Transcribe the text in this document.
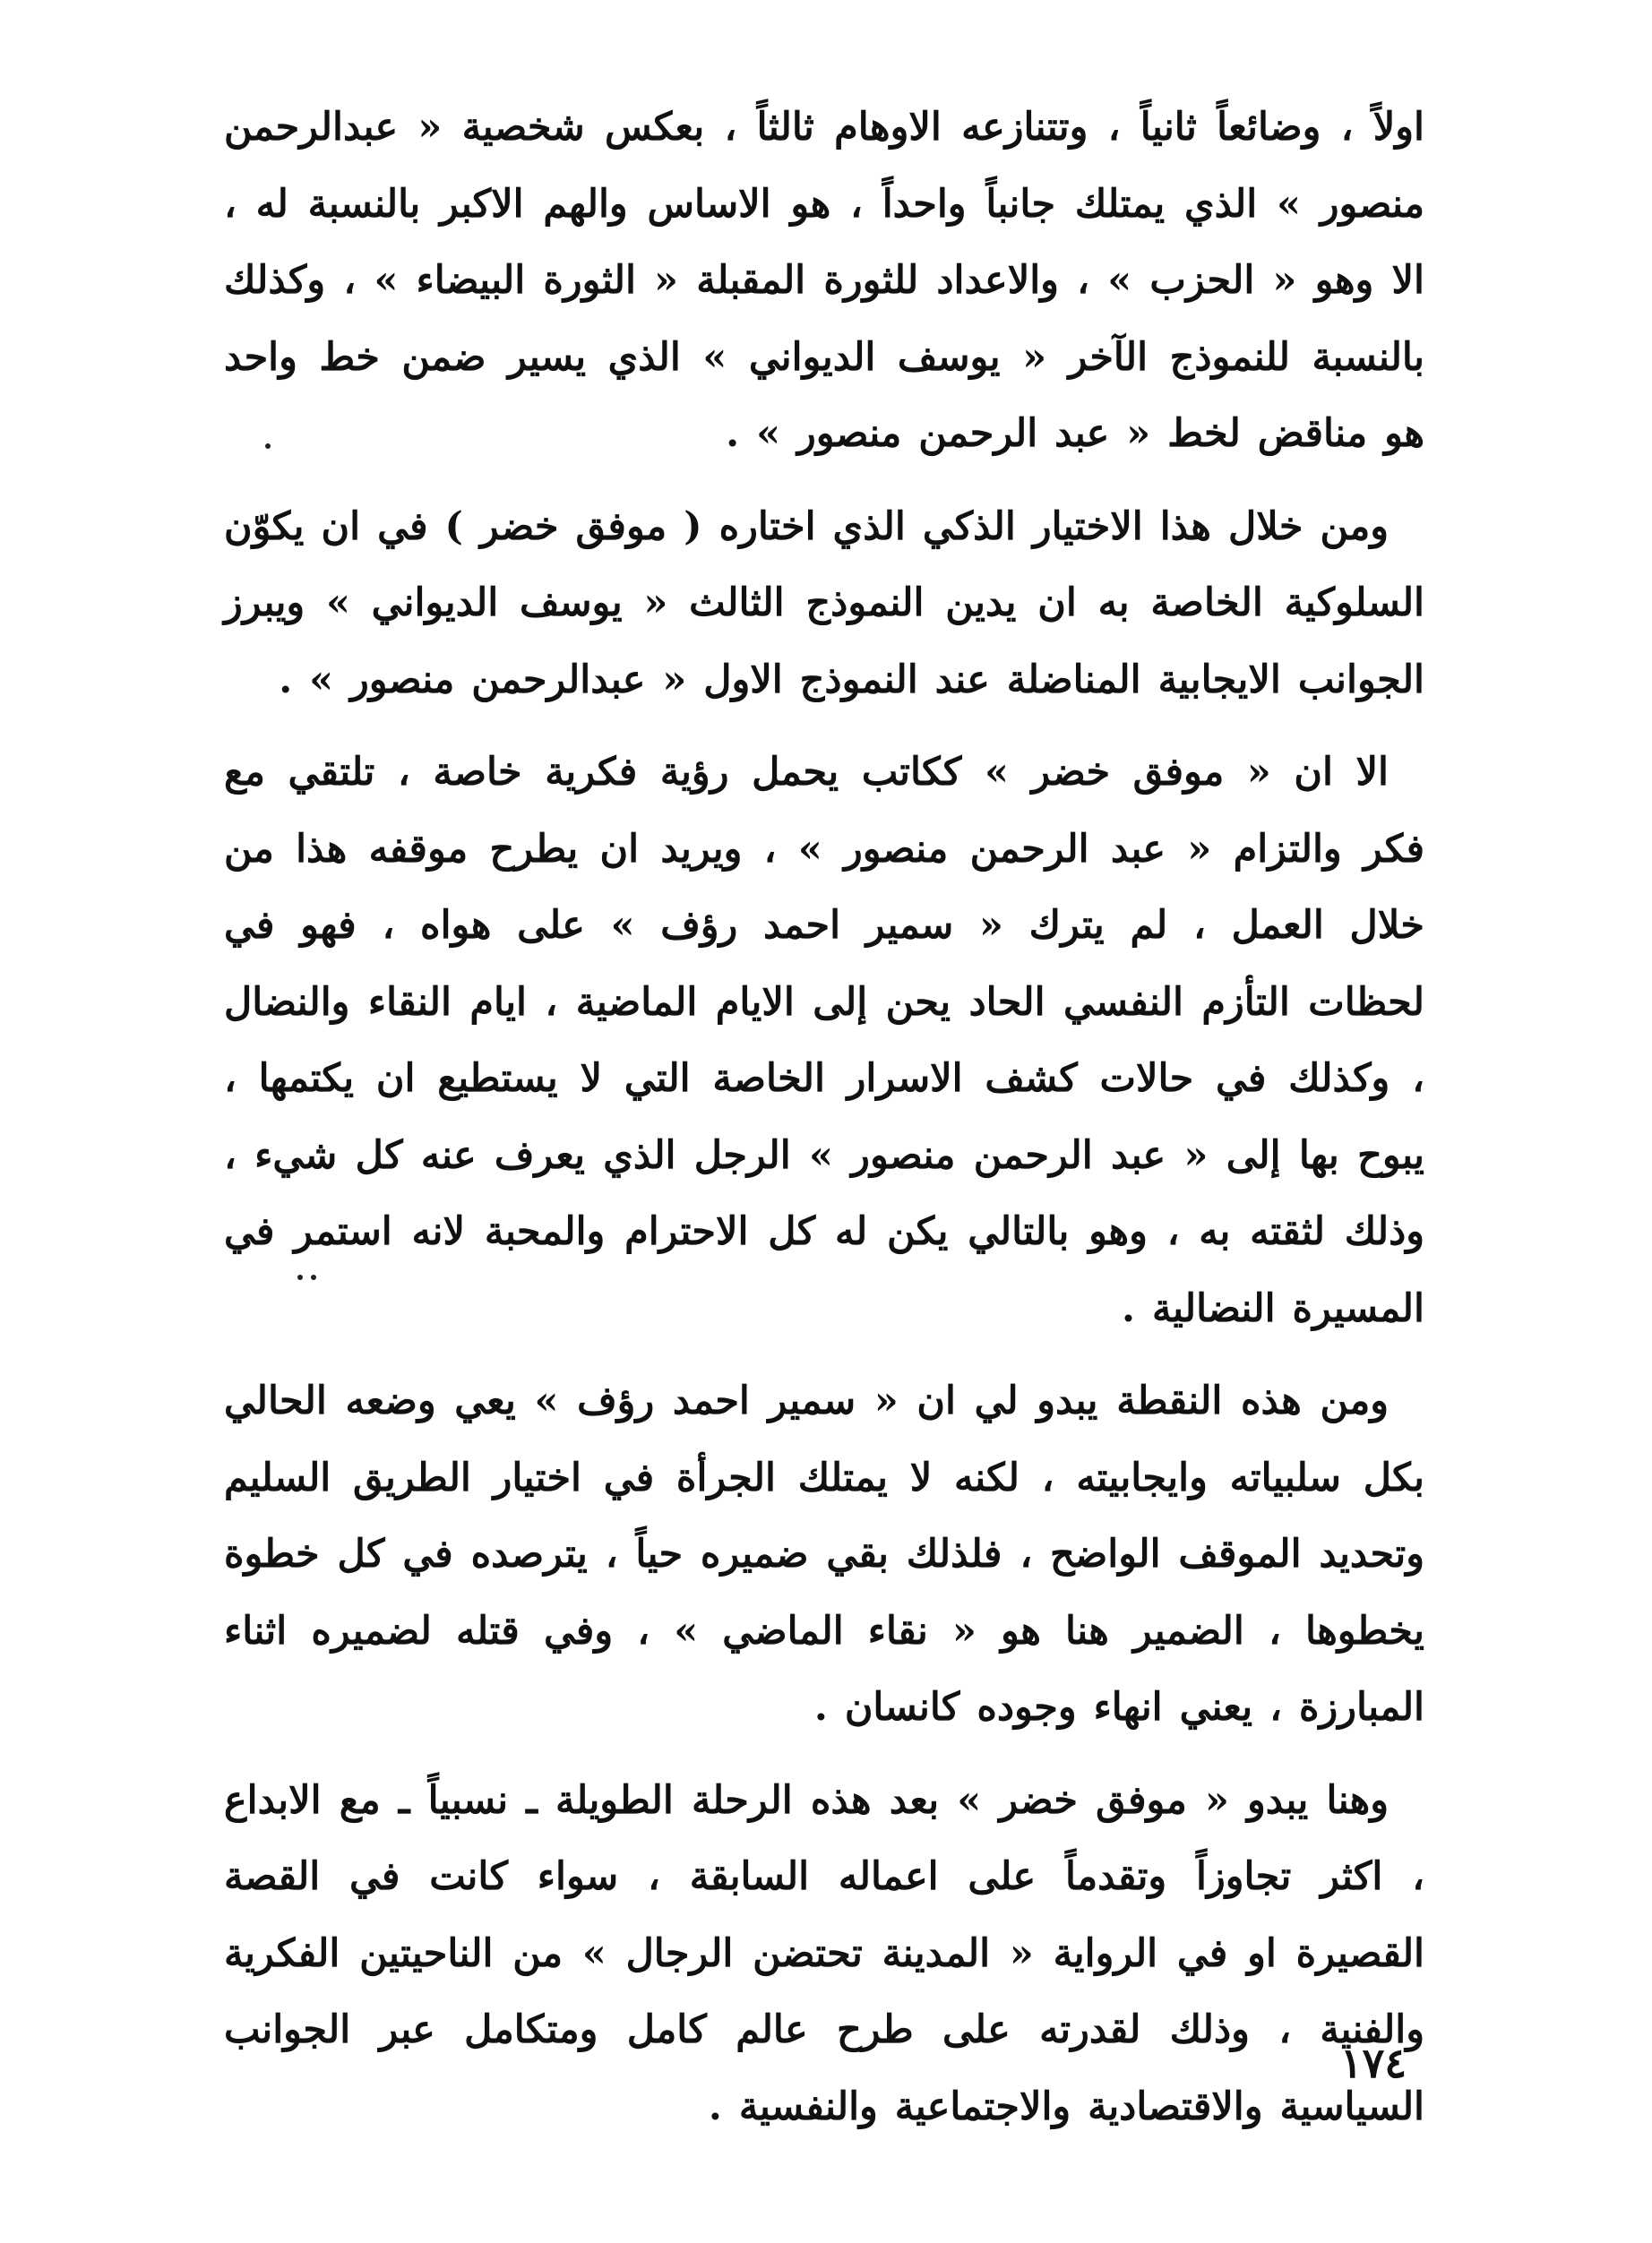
اولاً ، وضائعاً ثانياً ، وتتنازعه الاوهام ثالثاً ، بعكس شخصية « عبدالرحمن منصور » الذي يمتلك جانباً واحداً ، هو الاساس والهم الاكبر بالنسبة له ، الا وهو « الحزب » ، والاعداد للثورة المقبلة « الثورة البيضاء » ، وكذلك بالنسبة للنموذج الآخر « يوسف الديواني » الذي يسير ضمن خط واحد هو مناقض لخط « عبد الرحمن منصور » .

ومن خلال هذا الاختيار الذكي الذي اختاره ( موفق خضر ) في ان يكوّن السلوكية الخاصة به ان يدين النموذج الثالث « يوسف الديواني » ويبرز الجوانب الايجابية المناضلة عند النموذج الاول « عبدالرحمن منصور » .

الا ان « موفق خضر » ككاتب يحمل رؤية فكرية خاصة ، تلتقي مع فكر والتزام « عبد الرحمن منصور » ، ويريد ان يطرح موقفه هذا من خلال العمل ، لم يترك « سمير احمد رؤف » على هواه ، فهو في لحظات التأزم النفسي الحاد يحن إلى الايام الماضية ، ايام النقاء والنضال ، وكذلك في حالات كشف الاسرار الخاصة التي لا يستطيع ان يكتمها ، يبوح بها إلى « عبد الرحمن منصور » الرجل الذي يعرف عنه كل شيء ، وذلك لثقته به ، وهو بالتالي يكن له كل الاحترام والمحبة لانه استمر في المسيرة النضالية .

ومن هذه النقطة يبدو لي ان « سمير احمد رؤف » يعي وضعه الحالي بكل سلبياته وايجابيته ، لكنه لا يمتلك الجرأة في اختيار الطريق السليم وتحديد الموقف الواضح ، فلذلك بقي ضميره حياً ، يترصده في كل خطوة يخطوها ، الضمير هنا هو « نقاء الماضي » ، وفي قتله لضميره اثناء المبارزة ، يعني انهاء وجوده كانسان .

وهنا يبدو « موفق خضر » بعد هذه الرحلة الطويلة ـ نسبياً ـ مع الابداع ، اكثر تجاوزاً وتقدماً على اعماله السابقة ، سواء كانت في القصة القصيرة او في الرواية « المدينة تحتضن الرجال » من الناحيتين الفكرية والفنية ، وذلك لقدرته على طرح عالم كامل ومتكامل عبر الجوانب السياسية والاقتصادية والاجتماعية والنفسية .

١٧٤
